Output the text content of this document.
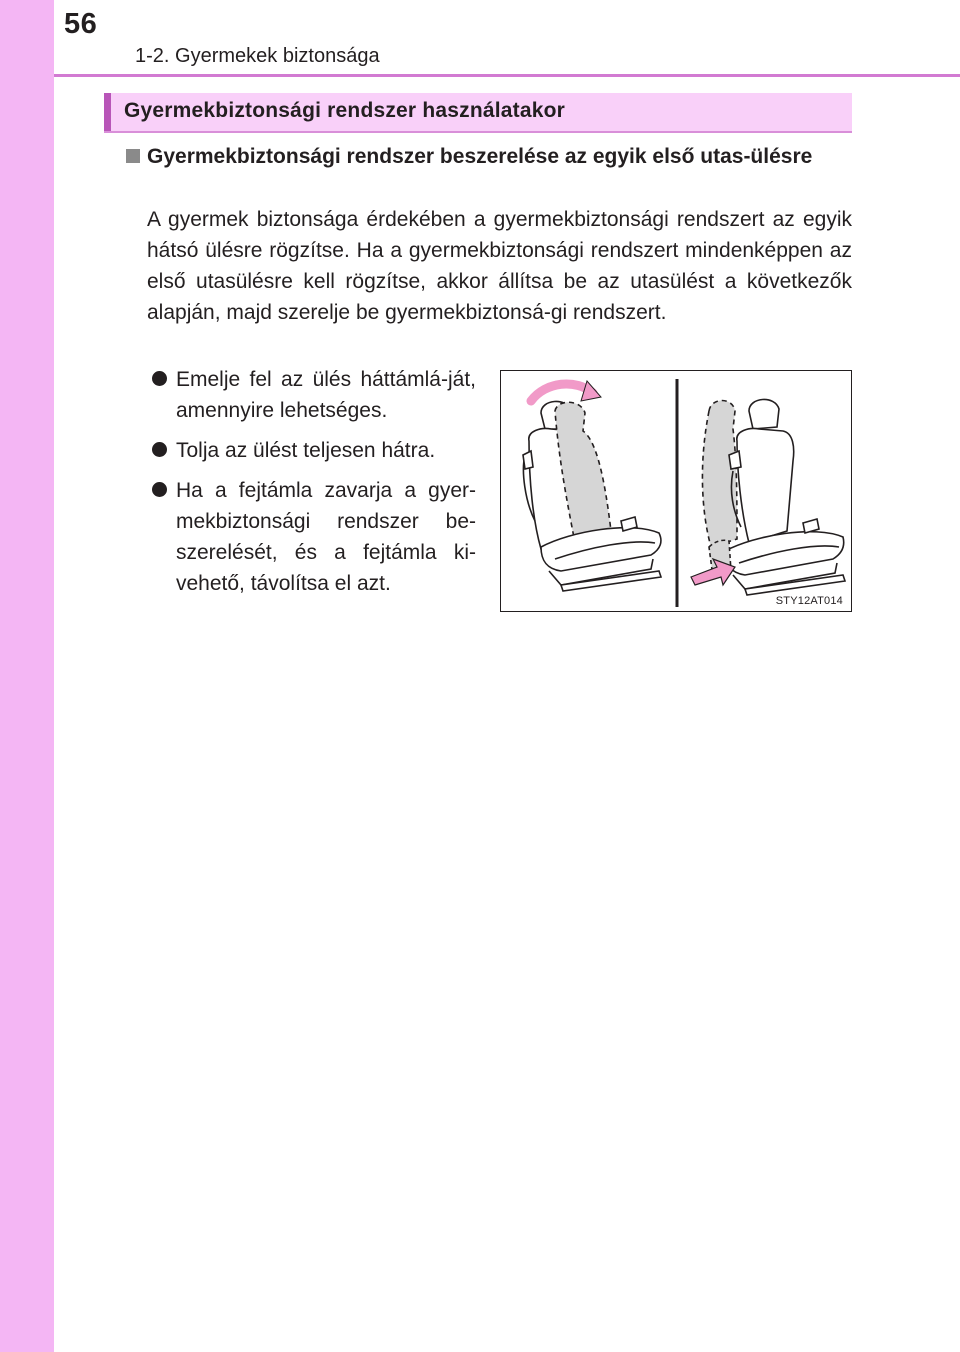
56
1-2. Gyermekek biztonsága
Gyermekbiztonsági rendszer használatakor
Gyermekbiztonsági rendszer beszerelése az egyik első utas-ülésre
A gyermek biztonsága érdekében a gyermekbiztonsági rendszert az egyik hátsó ülésre rögzítse. Ha a gyermekbiztonsági rendszert mindenképpen az első utasülésre kell rögzítse, akkor állítsa be az utasülést a következők alapján, majd szerelje be gyermekbiztonsá-gi rendszert.
Emelje fel az ülés háttámlá-ját, amennyire lehetséges.
Tolja az ülést teljesen hátra.
Ha a fejtámla zavarja a gyer-mekbiztonsági rendszer be-szerelését, és a fejtámla ki-vehető, távolítsa el azt.
STY12AT014
